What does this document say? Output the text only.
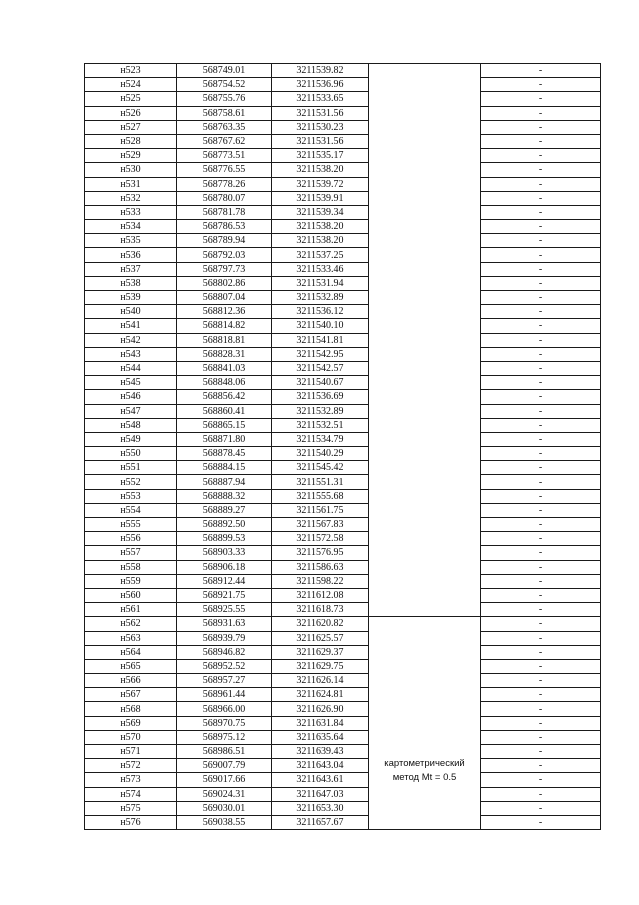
н523	568749.01	3211539.82		-
н524	568754.52	3211536.96		-
н525	568755.76	3211533.65		-
н526	568758.61	3211531.56		-
н527	568763.35	3211530.23		-
н528	568767.62	3211531.56		-
н529	568773.51	3211535.17		-
н530	568776.55	3211538.20		-
н531	568778.26	3211539.72		-
н532	568780.07	3211539.91		-
н533	568781.78	3211539.34		-
н534	568786.53	3211538.20		-
н535	568789.94	3211538.20		-
н536	568792.03	3211537.25		-
н537	568797.73	3211533.46		-
н538	568802.86	3211531.94		-
н539	568807.04	3211532.89		-
н540	568812.36	3211536.12		-
н541	568814.82	3211540.10		-
н542	568818.81	3211541.81		-
н543	568828.31	3211542.95		-
н544	568841.03	3211542.57		-
н545	568848.06	3211540.67		-
н546	568856.42	3211536.69		-
н547	568860.41	3211532.89		-
н548	568865.15	3211532.51		-
н549	568871.80	3211534.79		-
н550	568878.45	3211540.29		-
н551	568884.15	3211545.42		-
н552	568887.94	3211551.31		-
н553	568888.32	3211555.68		-
н554	568889.27	3211561.75		-
н555	568892.50	3211567.83		-
н556	568899.53	3211572.58		-
н557	568903.33	3211576.95		-
н558	568906.18	3211586.63		-
н559	568912.44	3211598.22		-
н560	568921.75	3211612.08		-
н561	568925.55	3211618.73		-
н562	568931.63	3211620.82	картометрический
метод Mt = 0.5	-
н563	568939.79	3211625.57		-
н564	568946.82	3211629.37		-
н565	568952.52	3211629.75		-
н566	568957.27	3211626.14		-
н567	568961.44	3211624.81		-
н568	568966.00	3211626.90		-
н569	568970.75	3211631.84		-
н570	568975.12	3211635.64		-
н571	568986.51	3211639.43		-
н572	569007.79	3211643.04		-
н573	569017.66	3211643.61		-
н574	569024.31	3211647.03		-
н575	569030.01	3211653.30		-
н576	569038.55	3211657.67		-
